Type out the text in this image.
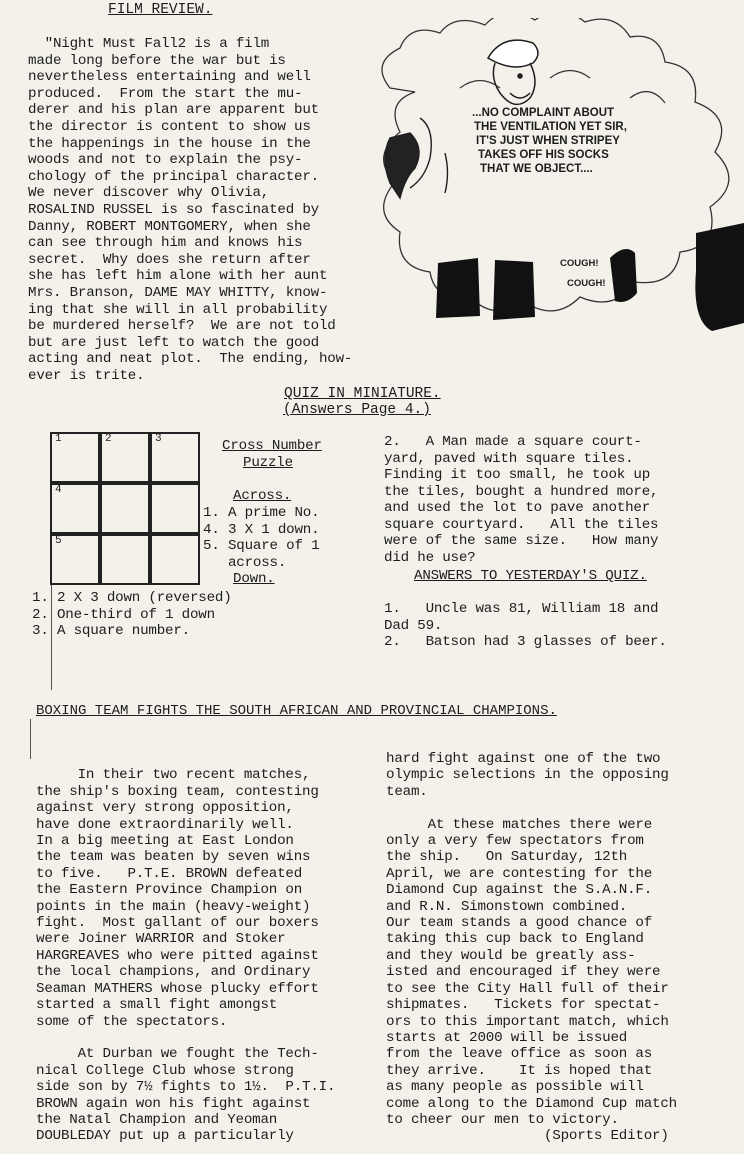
FILM REVIEW.
"Night Must Fall2 is a film
made long before the war but is
nevertheless entertaining and well
produced.  From the start the mu-
derer and his plan are apparent but
the director is content to show us
the happenings in the house in the
woods and not to explain the psy-
chology of the principal character.
We never discover why Olivia,
ROSALIND RUSSEL is so fascinated by
Danny, ROBERT MONTGOMERY, when she
can see through him and knows his
secret.  Why does she return after
she has left him alone with her aunt
Mrs. Branson, DAME MAY WHITTY, know-
ing that she will in all probability
be murdered herself?  We are not told
but are just left to watch the good
acting and neat plot.  The ending, how-
ever is trite.
...NO COMPLAINT ABOUT
THE VENTILATION YET SIR,
IT'S JUST WHEN STRIPEY
TAKES OFF HIS SOCKS
THAT WE OBJECT....
COUGH!
COUGH!
QUIZ IN MINIATURE.
(Answers Page 4.)
1	2	3
4
5
Cross Number
Puzzle
Across.
1. A prime No.
4. 3 X 1 down.
5. Square of 1
across.
Down.
1. 2 X 3 down (reversed)
2. One-third of 1 down
3. A square number.
2.   A Man made a square court-
yard, paved with square tiles.
Finding it too small, he took up
the tiles, bought a hundred more,
and used the lot to pave another
square courtyard.   All the tiles
were of the same size.   How many
did he use?
ANSWERS TO YESTERDAY'S QUIZ.
1.   Uncle was 81, William 18 and
Dad 59.
2.   Batson had 3 glasses of beer.
BOXING TEAM FIGHTS THE SOUTH AFRICAN AND PROVINCIAL CHAMPIONS.

In their two recent matches,
the ship's boxing team, contesting
against very strong opposition,
have done extraordinarily well.
In a big meeting at East London
the team was beaten by seven wins
to five.   P.T.E. BROWN defeated
the Eastern Province Champion on
points in the main (heavy-weight)
fight.  Most gallant of our boxers
were Joiner WARRIOR and Stoker
HARGREAVES who were pitted against
the local champions, and Ordinary
Seaman MATHERS whose plucky effort
started a small fight amongst
some of the spectators.

At Durban we fought the Tech-
nical College Club whose strong
side son by 7½ fights to 1½.  P.T.I.
BROWN again won his fight against
the Natal Champion and Yeoman
DOUBLEDAY put up a particularly
hard fight against one of the two
olympic selections in the opposing
team.

At these matches there were
only a very few spectators from
the ship.   On Saturday, 12th
April, we are contesting for the
Diamond Cup against the S.A.N.F.
and R.N. Simonstown combined.
Our team stands a good chance of
taking this cup back to England
and they would be greatly ass-
isted and encouraged if they were
to see the City Hall full of their
shipmates.   Tickets for spectat-
ors to this important match, which
starts at 2000 will be issued
from the leave office as soon as
they arrive.    It is hoped that
as many people as possible will
come along to the Diamond Cup match
to cheer our men to victory.
(Sports Editor)
